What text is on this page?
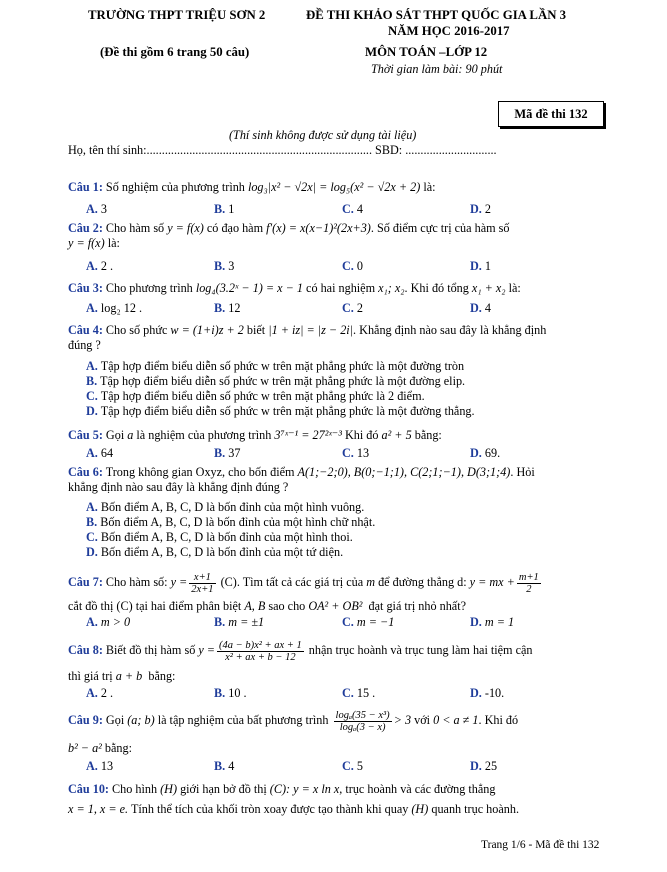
TRƯỜNG THPT TRIỆU SƠN 2	ĐỀ THI KHẢO SÁT THPT QUỐC GIA LẦN 3
NĂM HỌC 2016-2017
(Đề thi gồm 6 trang 50 câu)	MÔN TOÁN –LỚP 12
Thời gian làm bài: 90 phút
Mã đề thi 132
(Thí sinh không được sử dụng tài liệu)
Họ, tên thí sinh:.......................................................................... SBD: ..............................
Câu 1: Số nghiệm của phương trình log₃|x² − √2x| = log₅(x² − √2x + 2) là:
A. 3	B. 1	C. 4	D. 2
Câu 2: Cho hàm số y = f(x) có đạo hàm f′(x) = x(x−1)²(2x+3). Số điểm cực trị của hàm số
y = f(x) là:
A. 2 .	B. 3	C. 0	D. 1
Câu 3: Cho phương trình log₄(3.2ˣ − 1) = x − 1 có hai nghiệm x₁; x₂. Khi đó tổng x₁ + x₂ là:
A. log₂ 12 .	B. 12	C. 2	D. 4
Câu 4: Cho số phức w = (1+i)z + 2 biết |1 + iz| = |z − 2i|. Khẳng định nào sau đây là khẳng định
đúng ?
A. Tập hợp điểm biểu diễn số phức w trên mặt phẳng phức là một đường tròn
B. Tập hợp điểm biểu diễn số phức w trên mặt phẳng phức là một đường elip.
C. Tập hợp điểm biểu diễn số phức w trên mặt phẳng phức là 2 điểm.
D. Tập hợp điểm biểu diễn số phức w trên mặt phẳng phức là một đường thẳng.
Câu 5: Gọi a là nghiệm của phương trình 3⁷ˣ⁻¹ = 27²ˣ⁻³ Khi đó a² + 5 bằng:
A. 64	B. 37	C. 13	D. 69.
Câu 6: Trong không gian Oxyz, cho bốn điểm A(1;−2;0), B(0;−1;1), C(2;1;−1), D(3;1;4). Hỏi
khẳng định nào sau đây là khẳng định đúng ?
A. Bốn điểm A, B, C, D là bốn đỉnh của một hình vuông.
B. Bốn điểm A, B, C, D là bốn đỉnh của một hình chữ nhật.
C. Bốn điểm A, B, C, D là bốn đỉnh của một hình thoi.
D. Bốn điểm A, B, C, D là bốn đỉnh của một tứ diện.
Câu 7: Cho hàm số: $y = \frac{x+1}{2x+1} (C)$. Tìm tất cả các giá trị của m để đường thẳng d: y = mx + $\frac{m+1}{2}$
cắt đồ thị (C) tại hai điểm phân biệt A, B sao cho OA² + OB² đạt giá trị nhỏ nhất?
A. m > 0	B. m = ±1	C. m = −1	D. m = 1
Câu 8: Biết đồ thị hàm số $y = \frac{\text{(4a − b)x² + ax + 1}}{\text{x² + ax + b − 12}}$ nhận trục hoành và trục tung làm hai tiệm cận
thì giá trị a + b bằng:
A. 2 .	B. 10 .	C. 15 .	D. -10.
Câu 9: Gọi (a; b) là tập nghiệm của bất phương trình $\frac{\text{logₐ(35 − x³)}}{\text{logₐ(3 − x)}} > 3$ với 0 < a ≠ 1. Khi đó
b² − a² bằng:
A. 13	B. 4	C. 5	D. 25
Câu 10: Cho hình (H) giới hạn bở đồ thị (C): y = x ln x, trục hoành và các đường thẳng
x = 1, x = e. Tính thể tích của khối tròn xoay được tạo thành khi quay (H) quanh trục hoành.
Trang 1/6 - Mã đề thi 132
